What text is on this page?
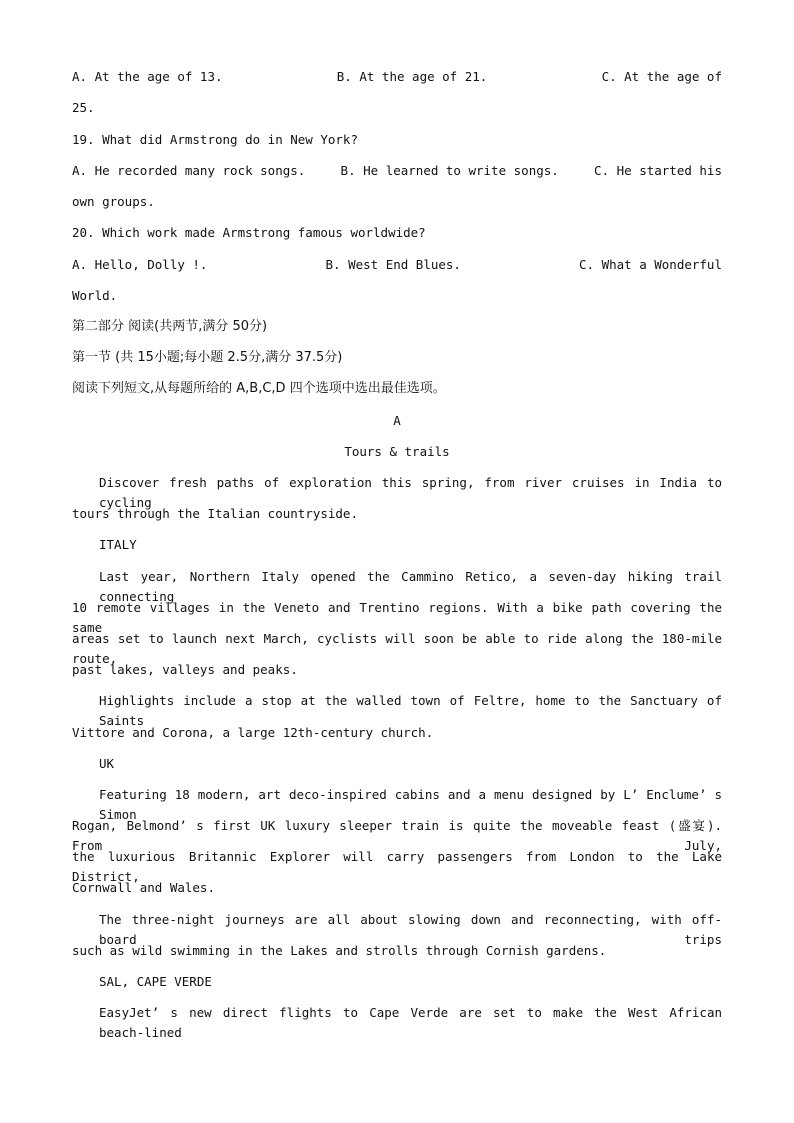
A. At the age of 13.	B. At the age of 21.	C. At the age of
25.
19. What did Armstrong do in New York?
A. He recorded many rock songs.	B. He learned to write songs.	C. He started his
own groups.
20. Which work made Armstrong famous worldwide?
A. Hello, Dolly !.	B. West End Blues.	C. What a Wonderful
World.
第二部分 阅读(共两节,满分 50分)
第一节 (共 15小题;每小题 2.5分,满分 37.5分)
阅读下列短文,从每题所给的 A,B,C,D 四个选项中选出最佳选项。
A
Tours & trails
Discover fresh paths of exploration this spring, from river cruises in India to cycling
tours through the Italian countryside.
ITALY
Last year, Northern Italy opened the Cammino Retico, a seven-day hiking trail connecting
10 remote villages in the Veneto and Trentino regions. With a bike path covering the same
areas set to launch next March, cyclists will soon be able to ride along the 180-mile route,
past lakes, valleys and peaks.
Highlights include a stop at the walled town of Feltre, home to the Sanctuary of Saints
Vittore and Corona, a large 12th-century church.
UK
Featuring 18 modern, art deco-inspired cabins and a menu designed by L’ Enclume’ s Simon
Rogan, Belmond’ s first UK luxury sleeper train is quite the moveable feast (盛宴). From July,
the luxurious Britannic Explorer will carry passengers from London to the Lake District,
Cornwall and Wales.
The three-night journeys are all about slowing down and reconnecting, with off-board trips
such as wild swimming in the Lakes and strolls through Cornish gardens.
SAL, CAPE VERDE
EasyJet’ s new direct flights to Cape Verde are set to make the West African beach-lined
